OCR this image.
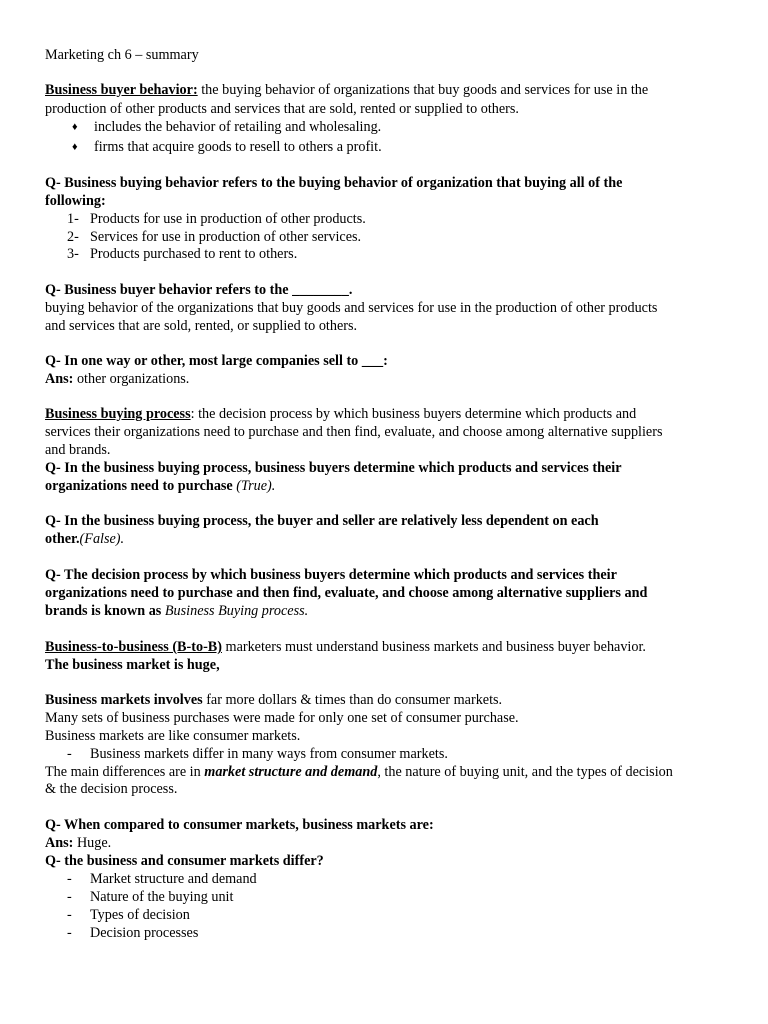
Marketing ch 6 – summary
Business buyer behavior: the buying behavior of organizations that buy goods and services for use in the
production of other products and services that are sold, rented or supplied to others.
♦ includes the behavior of retailing and wholesaling.
♦ firms that acquire goods to resell to others a profit.
Q- Business buying behavior refers to the buying behavior of organization that buying all of the
following:
1- Products for use in production of other products.
2- Services for use in production of other services.
3- Products purchased to rent to others.
Q- Business buyer behavior refers to the ________.
buying behavior of the organizations that buy goods and services for use in the production of other products
and services that are sold, rented, or supplied to others.
Q- In one way or other, most large companies sell to ___:
Ans: other organizations.
Business buying process: the decision process by which business buyers determine which products and
services their organizations need to purchase and then find, evaluate, and choose among alternative suppliers
and brands.
Q- In the business buying process, business buyers determine which products and services their
organizations need to purchase (True).
Q- In the business buying process, the buyer and seller are relatively less dependent on each
other.(False).
Q- The decision process by which business buyers determine which products and services their
organizations need to purchase and then find, evaluate, and choose among alternative suppliers and
brands is known as Business Buying process.
Business-to-business (B-to-B) marketers must understand business markets and business buyer behavior.
The business market is huge,
Business markets involves far more dollars & times than do consumer markets.
Many sets of business purchases were made for only one set of consumer purchase.
Business markets are like consumer markets.
- Business markets differ in many ways from consumer markets.
The main differences are in market structure and demand, the nature of buying unit, and the types of decision
& the decision process.
Q- When compared to consumer markets, business markets are:
Ans: Huge.
Q- the business and consumer markets differ?
- Market structure and demand
- Nature of the buying unit
- Types of decision
- Decision processes
